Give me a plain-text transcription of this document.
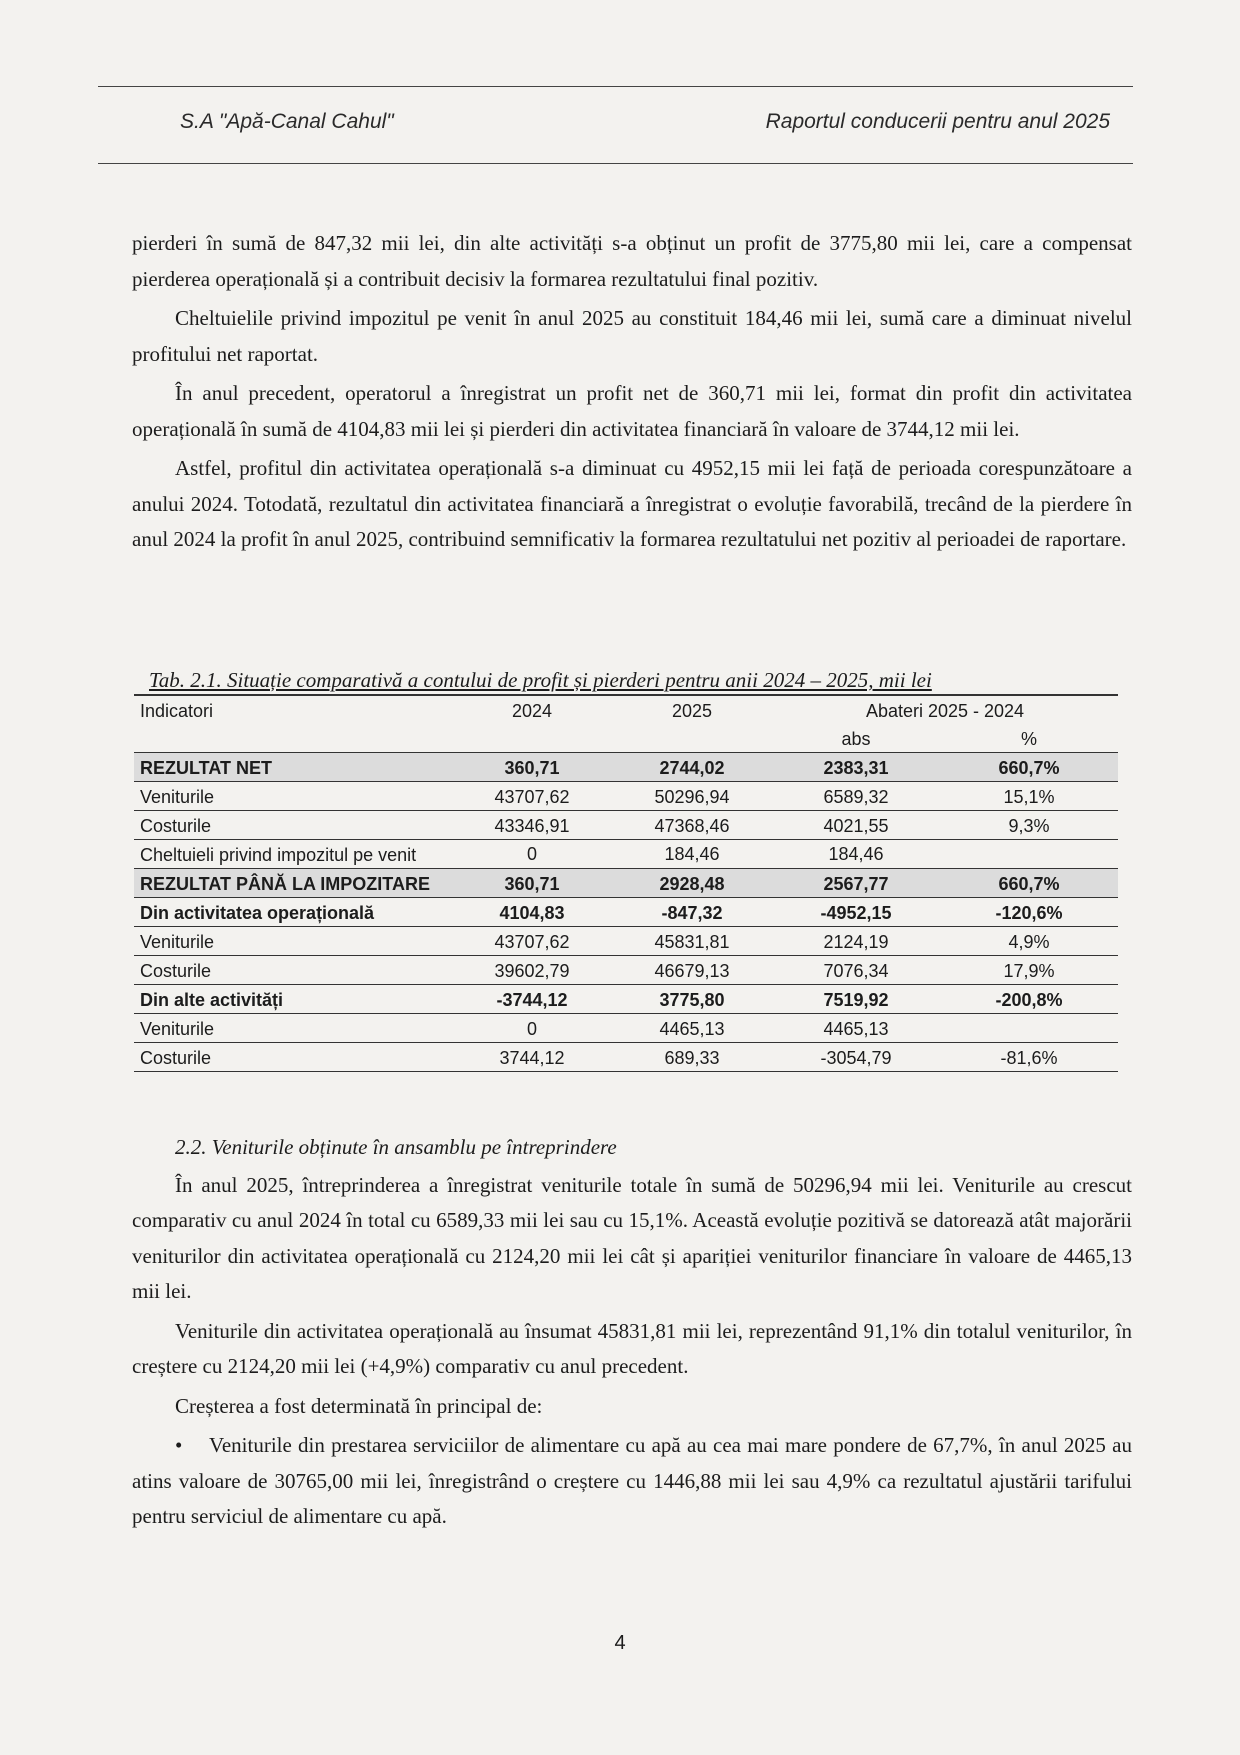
S.A "Apă-Canal Cahul"	Raportul conducerii pentru anul 2025

pierderi în sumă de 847,32 mii lei, din alte activități s-a obținut un profit de 3775,80 mii lei, care a compensat pierderea operațională și a contribuit decisiv la formarea rezultatului final pozitiv.

Cheltuielile privind impozitul pe venit în anul 2025 au constituit 184,46 mii lei, sumă care a diminuat nivelul profitului net raportat.

În anul precedent, operatorul a înregistrat un profit net de 360,71 mii lei, format din profit din activitatea operațională în sumă de 4104,83 mii lei și pierderi din activitatea financiară în valoare de 3744,12 mii lei.

Astfel, profitul din activitatea operațională s-a diminuat cu 4952,15 mii lei față de perioada corespunzătoare a anului 2024. Totodată, rezultatul din activitatea financiară a înregistrat o evoluție favorabilă, trecând de la pierdere în anul 2024 la profit în anul 2025, contribuind semnificativ la formarea rezultatului net pozitiv al perioadei de raportare.

Tab. 2.1. Situație comparativă a contului de profit și pierderi pentru anii 2024 – 2025, mii lei
Indicatori	2024	2025	Abateri 2025 - 2024	
			abs	%
REZULTAT NET	360,71	2744,02	2383,31	660,7%
Veniturile	43707,62	50296,94	6589,32	15,1%
Costurile	43346,91	47368,46	4021,55	9,3%
Cheltuieli privind impozitul pe venit	0	184,46	184,46	
REZULTAT PÂNĂ LA IMPOZITARE	360,71	2928,48	2567,77	660,7%
Din activitatea operațională	4104,83	-847,32	-4952,15	-120,6%
Veniturile	43707,62	45831,81	2124,19	4,9%
Costurile	39602,79	46679,13	7076,34	17,9%
Din alte activități	-3744,12	3775,80	7519,92	-200,8%
Veniturile	0	4465,13	4465,13	
Costurile	3744,12	689,33	-3054,79	-81,6%

2.2. Veniturile obținute în ansamblu pe întreprindere

În anul 2025, întreprinderea a înregistrat veniturile totale în sumă de 50296,94 mii lei. Veniturile au crescut comparativ cu anul 2024 în total cu 6589,33 mii lei sau cu 15,1%. Această evoluție pozitivă se datorează atât majorării veniturilor din activitatea operațională cu 2124,20 mii lei cât și apariției veniturilor financiare în valoare de 4465,13 mii lei.

Veniturile din activitatea operațională au însumat 45831,81 mii lei, reprezentând 91,1% din totalul veniturilor, în creștere cu 2124,20 mii lei (+4,9%) comparativ cu anul precedent.

Creșterea a fost determinată în principal de:

• Veniturile din prestarea serviciilor de alimentare cu apă au cea mai mare pondere de 67,7%, în anul 2025 au atins valoare de 30765,00 mii lei, înregistrând o creștere cu 1446,88 mii lei sau 4,9% ca rezultatul ajustării tarifului pentru serviciul de alimentare cu apă.

4
